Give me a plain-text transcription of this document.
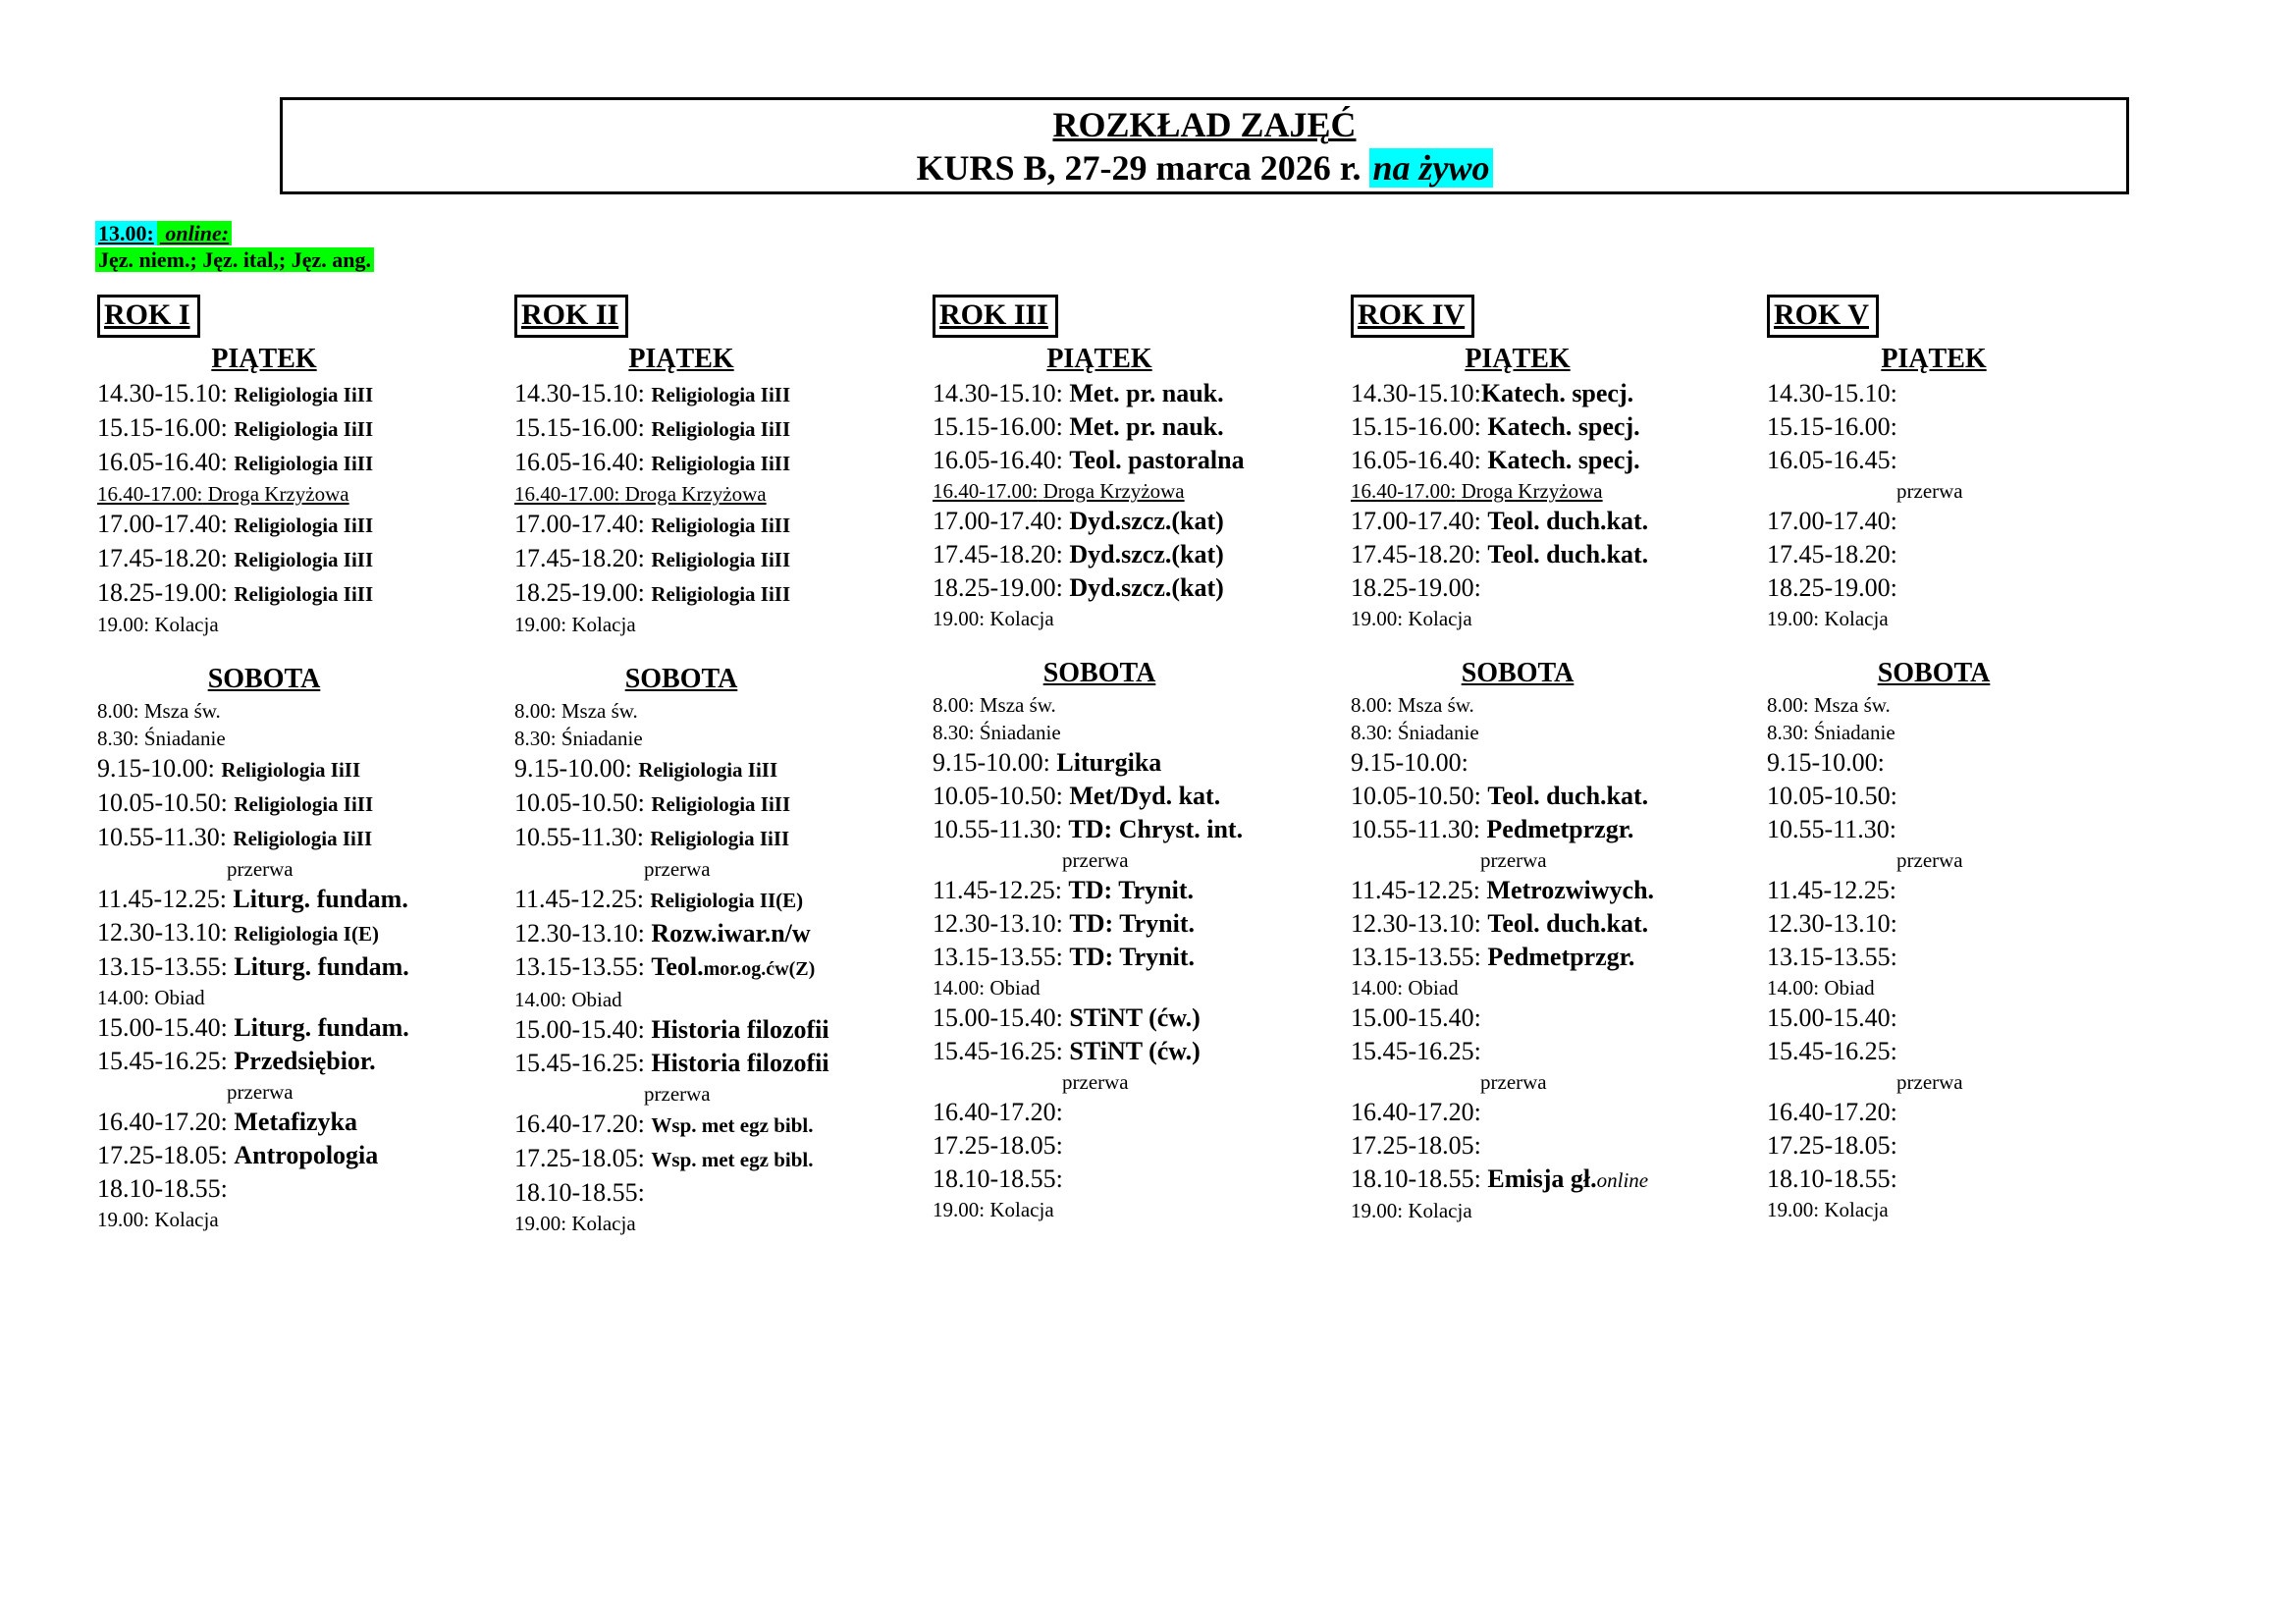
ROZKŁAD ZAJĘĆ
KURS B, 27-29 marca 2026 r. na żywo
13.00: online:
Jęz. niem.; Jęz. ital,; Jęz. ang.
ROK I
PIĄTEK
14.30-15.10: Religiologia IiII
15.15-16.00: Religiologia IiII
16.05-16.40: Religiologia IiII
16.40-17.00: Droga Krzyżowa
17.00-17.40: Religiologia IiII
17.45-18.20: Religiologia IiII
18.25-19.00: Religiologia IiII
19.00: Kolacja
SOBOTA
8.00: Msza św.
8.30: Śniadanie
9.15-10.00: Religiologia IiII
10.05-10.50: Religiologia IiII
10.55-11.30: Religiologia IiII
przerwa
11.45-12.25: Liturg. fundam.
12.30-13.10: Religiologia I(E)
13.15-13.55: Liturg. fundam.
14.00: Obiad
15.00-15.40: Liturg. fundam.
15.45-16.25: Przedsiębior.
przerwa
16.40-17.20: Metafizyka
17.25-18.05: Antropologia
18.10-18.55:
19.00: Kolacja
ROK II
PIĄTEK
14.30-15.10: Religiologia IiII
15.15-16.00: Religiologia IiII
16.05-16.40: Religiologia IiII
16.40-17.00: Droga Krzyżowa
17.00-17.40: Religiologia IiII
17.45-18.20: Religiologia IiII
18.25-19.00: Religiologia IiII
19.00: Kolacja
SOBOTA
8.00: Msza św.
8.30: Śniadanie
9.15-10.00: Religiologia IiII
10.05-10.50: Religiologia IiII
10.55-11.30: Religiologia IiII
przerwa
11.45-12.25: Religiologia II(E)
12.30-13.10: Rozw.iwar.n/w
13.15-13.55: Teol.mor.og.ćw(Z)
14.00: Obiad
15.00-15.40: Historia filozofii
15.45-16.25: Historia filozofii
przerwa
16.40-17.20: Wsp. met egz bibl.
17.25-18.05: Wsp. met egz bibl.
18.10-18.55:
19.00: Kolacja
ROK III
PIĄTEK
14.30-15.10: Met. pr. nauk.
15.15-16.00: Met. pr. nauk.
16.05-16.40: Teol. pastoralna
16.40-17.00: Droga Krzyżowa
17.00-17.40: Dyd.szcz.(kat)
17.45-18.20: Dyd.szcz.(kat)
18.25-19.00: Dyd.szcz.(kat)
19.00: Kolacja
SOBOTA
8.00: Msza św.
8.30: Śniadanie
9.15-10.00: Liturgika
10.05-10.50: Met/Dyd. kat.
10.55-11.30: TD: Chryst. int.
przerwa
11.45-12.25: TD: Trynit.
12.30-13.10: TD: Trynit.
13.15-13.55: TD: Trynit.
14.00: Obiad
15.00-15.40: STiNT (ćw.)
15.45-16.25: STiNT (ćw.)
przerwa
16.40-17.20:
17.25-18.05:
18.10-18.55:
19.00: Kolacja
ROK IV
PIĄTEK
14.30-15.10:Katech. specj.
15.15-16.00: Katech. specj.
16.05-16.40: Katech. specj.
16.40-17.00: Droga Krzyżowa
17.00-17.40: Teol. duch.kat.
17.45-18.20: Teol. duch.kat.
18.25-19.00:
19.00: Kolacja
SOBOTA
8.00: Msza św.
8.30: Śniadanie
9.15-10.00:
10.05-10.50: Teol. duch.kat.
10.55-11.30: Pedmetprzgr.
przerwa
11.45-12.25: Metrozwiwych.
12.30-13.10: Teol. duch.kat.
13.15-13.55: Pedmetprzgr.
14.00: Obiad
15.00-15.40:
15.45-16.25:
przerwa
16.40-17.20:
17.25-18.05:
18.10-18.55: Emisja gł.online
19.00: Kolacja
ROK V
PIĄTEK
14.30-15.10:
15.15-16.00:
16.05-16.45:
przerwa
17.00-17.40:
17.45-18.20:
18.25-19.00:
19.00: Kolacja
SOBOTA
8.00: Msza św.
8.30: Śniadanie
9.15-10.00:
10.05-10.50:
10.55-11.30:
przerwa
11.45-12.25:
12.30-13.10:
13.15-13.55:
14.00: Obiad
15.00-15.40:
15.45-16.25:
przerwa
16.40-17.20:
17.25-18.05:
18.10-18.55:
19.00: Kolacja
